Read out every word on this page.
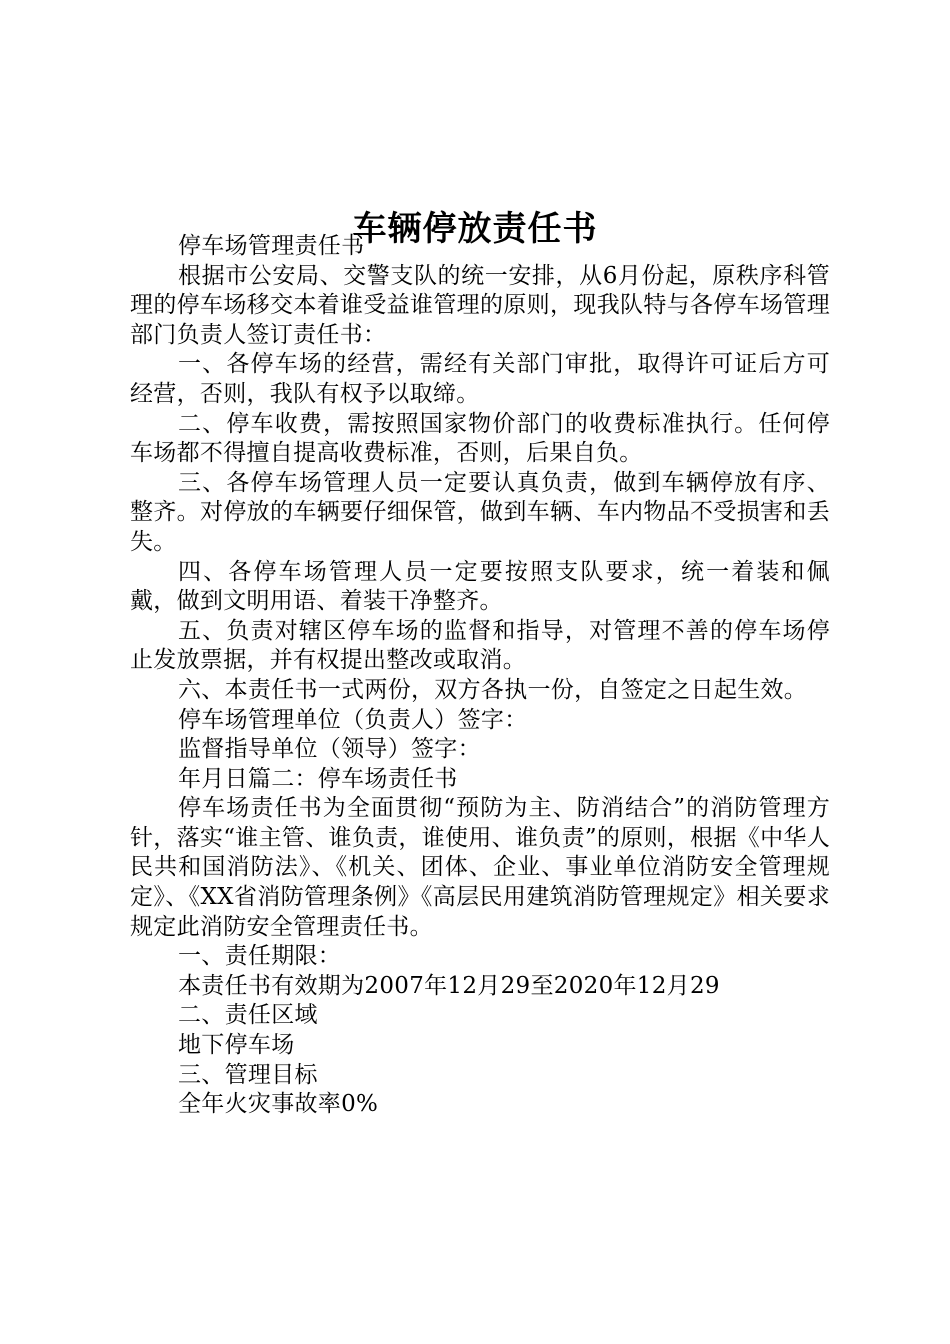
车辆停放责任书

停车场管理责任书

根据市公安局、交警支队的统一安排，从6月份起，原秩序科管理的停车场移交本着谁受益谁管理的原则，现我队特与各停车场管理部门负责人签订责任书：

一、各停车场的经营，需经有关部门审批，取得许可证后方可经营，否则，我队有权予以取缔。

二、停车收费，需按照国家物价部门的收费标准执行。任何停车场都不得擅自提高收费标准，否则，后果自负。

三、各停车场管理人员一定要认真负责，做到车辆停放有序、整齐。对停放的车辆要仔细保管，做到车辆、车内物品不受损害和丢失。

四、各停车场管理人员一定要按照支队要求，统一着装和佩戴，做到文明用语、着装干净整齐。

五、负责对辖区停车场的监督和指导，对管理不善的停车场停止发放票据，并有权提出整改或取消。

六、本责任书一式两份，双方各执一份，自签定之日起生效。

停车场管理单位（负责人）签字：

监督指导单位（领导）签字：

年月日篇二：停车场责任书

停车场责任书为全面贯彻“预防为主、防消结合”的消防管理方针，落实“谁主管、谁负责，谁使用、谁负责”的原则，根据《中华人民共和国消防法》、《机关、团体、企业、事业单位消防安全管理规定》、《XX省消防管理条例》《高层民用建筑消防管理规定》相关要求规定此消防安全管理责任书。

一、责任期限：

本责任书有效期为2007年12月29至2020年12月29

二、责任区域

地下停车场

三、管理目标

全年火灾事故率0%
